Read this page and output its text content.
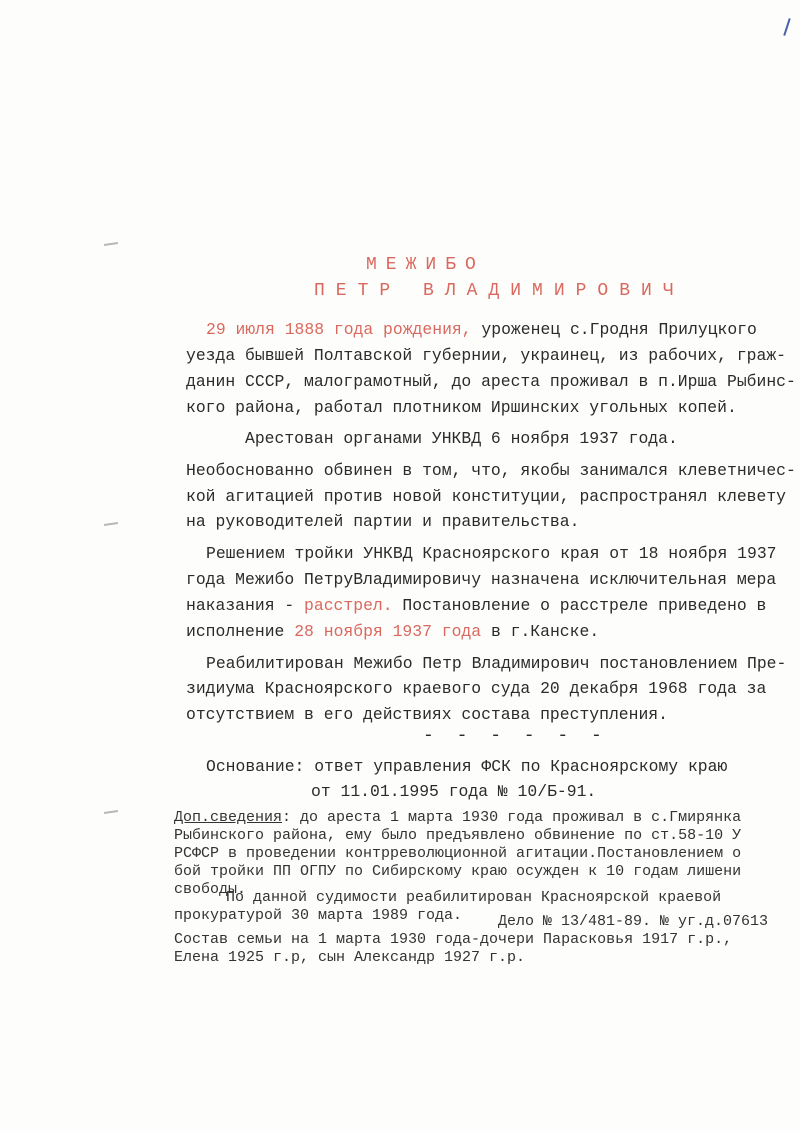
МЕЖИБО
ПЕТР ВЛАДИМИРОВИЧ
29 июля 1888 года рождения, уроженец с.Гродня Прилуцкого
уезда бывшей Полтавской губернии, украинец, из рабочих, граж-
данин СССР, малограмотный, до ареста проживал в п.Ирша Рыбинс-
кого района, работал плотником Иршинских угольных копей.
Арестован органами УНКВД 6 ноября 1937 года.
Необоснованно обвинен в том, что, якобы занимался клеветничес-
кой агитацией против новой конституции, распространял клевету
на руководителей партии и правительства.
Решением тройки УНКВД Красноярского края от 18 ноября 1937
года Межибо ПетруВладимировичу назначена исключительная мера
наказания - расстрел. Постановление о расстреле приведено в
исполнение 28 ноября 1937 года в г.Канске.
Реабилитирован Межибо Петр Владимирович постановлением Пре-
зидиума Красноярского краевого суда 20 декабря 1968 года за
отсутствием в его действиях состава преступления.
- - - - - -
Основание: ответ управления ФСК по Красноярскому краю
от 11.01.1995 года № 10/Б-91.
Доп.сведения: до ареста 1 марта 1930 года проживал в с.Гмирянка
Рыбинского района, ему было предъявлено обвинение по ст.58-10 У
РСФСР в проведении контрреволюционной агитации.Постановлением о
бой тройки ПП ОГПУ по Сибирскому краю осужден к 10 годам лишени
свободы.
По данной судимости реабилитирован Красноярской краевой
прокуратурой 30 марта 1989 года. Дело № 13/481-89. № уг.д.07613
Состав семьи на 1 марта 1930 года-дочери Парасковья 1917 г.р.,
Елена 1925 г.р, сын Александр 1927 г.р.
